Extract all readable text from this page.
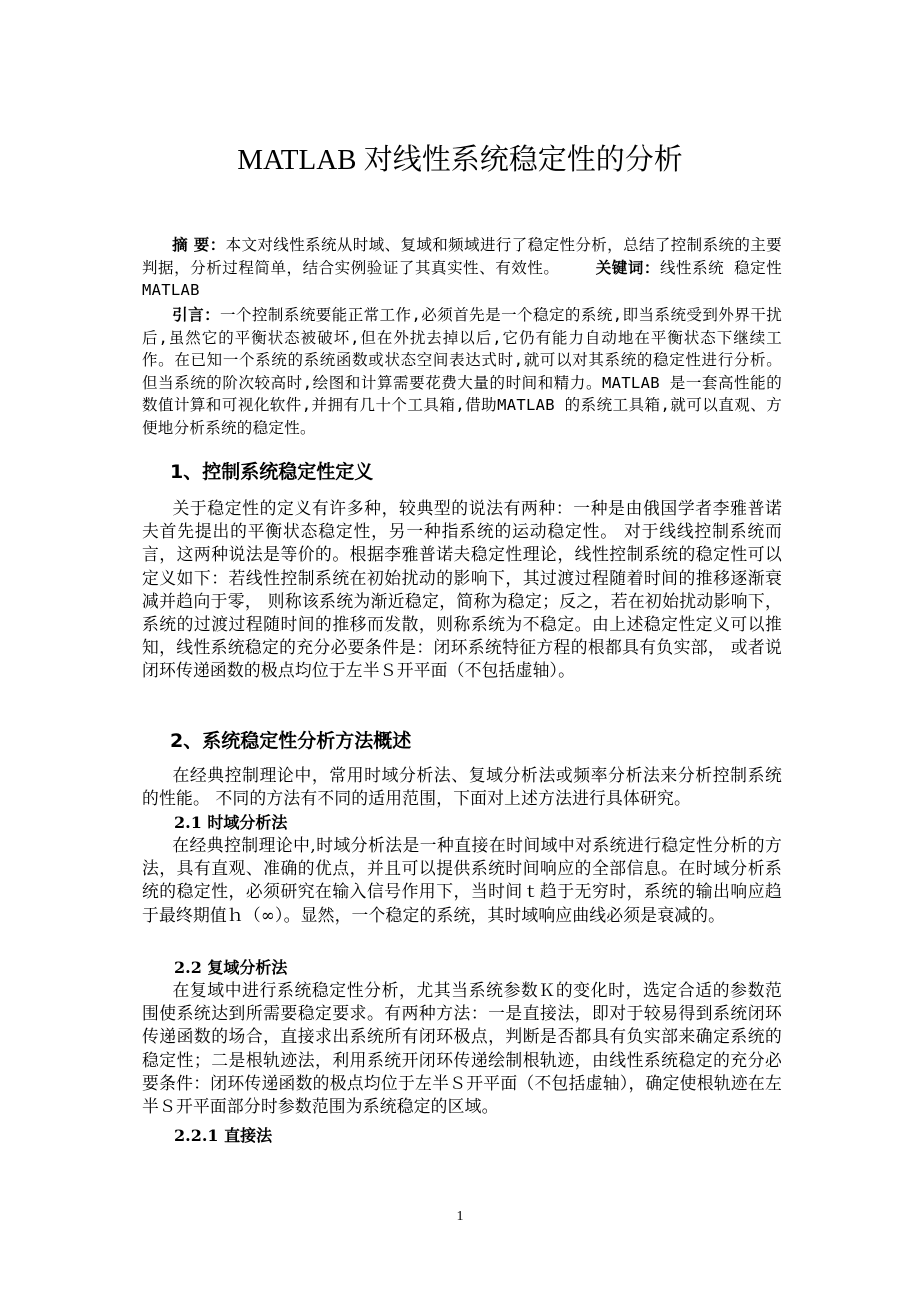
MATLAB 对线性系统稳定性的分析

摘 要：本文对线性系统从时域、复域和频域进行了稳定性分析，总结了控制系统的主要判据，分析过程简单，结合实例验证了其真实性、有效性。 关键词：线性系统 稳定性 MATLAB

引言：一个控制系统要能正常工作,必须首先是一个稳定的系统,即当系统受到外界干扰后,虽然它的平衡状态被破坏,但在外扰去掉以后,它仍有能力自动地在平衡状态下继续工作。在已知一个系统的系统函数或状态空间表达式时,就可以对其系统的稳定性进行分析。但当系统的阶次较高时,绘图和计算需要花费大量的时间和精力。MATLAB 是一套高性能的数值计算和可视化软件,并拥有几十个工具箱,借助MATLAB 的系统工具箱,就可以直观、方便地分析系统的稳定性。

1、控制系统稳定性定义

关于稳定性的定义有许多种，较典型的说法有两种：一种是由俄国学者李雅普诺夫首先提出的平衡状态稳定性，另一种指系统的运动稳定性。 对于线线控制系统而言，这两种说法是等价的。根据李雅普诺夫稳定性理论，线性控制系统的稳定性可以定义如下：若线性控制系统在初始扰动的影响下，其过渡过程随着时间的推移逐渐衰减并趋向于零， 则称该系统为渐近稳定，简称为稳定；反之，若在初始扰动影响下，系统的过渡过程随时间的推移而发散，则称系统为不稳定。由上述稳定性定义可以推知，线性系统稳定的充分必要条件是：闭环系统特征方程的根都具有负实部， 或者说闭环传递函数的极点均位于左半Ｓ开平面（不包括虚轴）。

2、系统稳定性分析方法概述

在经典控制理论中，常用时域分析法、复域分析法或频率分析法来分析控制系统的性能。 不同的方法有不同的适用范围，下面对上述方法进行具体研究。

2.1 时域分析法

在经典控制理论中,时域分析法是一种直接在时间域中对系统进行稳定性分析的方法，具有直观、准确的优点，并且可以提供系统时间响应的全部信息。在时域分析系统的稳定性，必须研究在输入信号作用下，当时间ｔ趋于无穷时，系统的输出响应趋于最终期值ｈ（∞）。显然，一个稳定的系统，其时域响应曲线必须是衰减的。

2.2 复域分析法

在复域中进行系统稳定性分析，尤其当系统参数Ｋ的变化时，选定合适的参数范围使系统达到所需要稳定要求。有两种方法：一是直接法，即对于较易得到系统闭环传递函数的场合，直接求出系统所有闭环极点，判断是否都具有负实部来确定系统的稳定性；二是根轨迹法，利用系统开闭环传递绘制根轨迹，由线性系统稳定的充分必要条件：闭环传递函数的极点均位于左半Ｓ开平面（不包括虚轴），确定使根轨迹在左半Ｓ开平面部分时参数范围为系统稳定的区域。

2.2.1 直接法
1
